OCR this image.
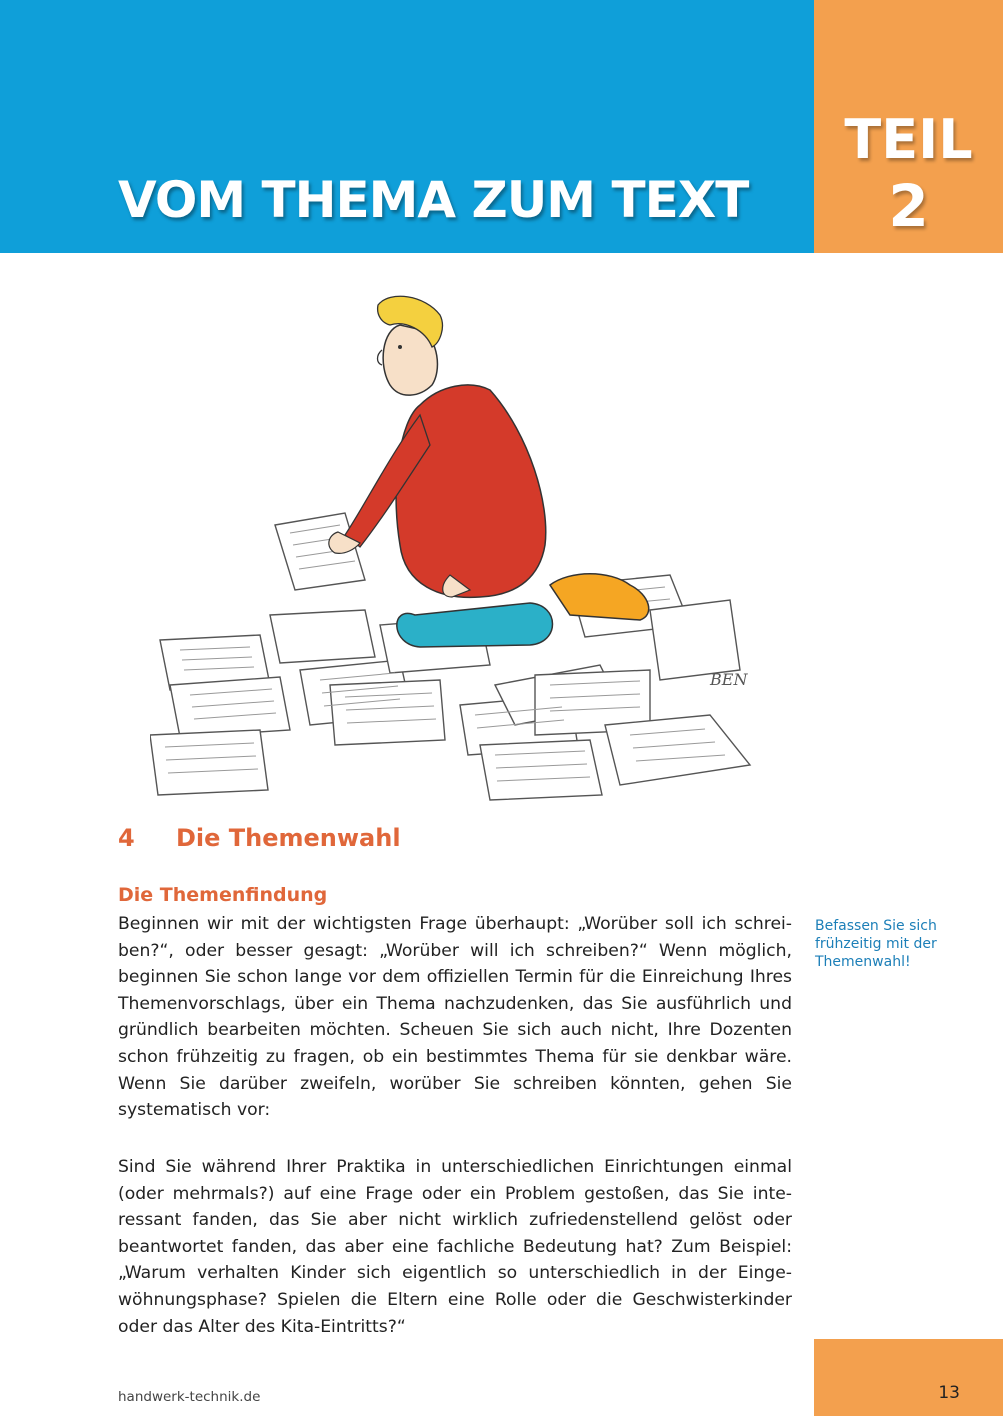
VOM THEMA ZUM TEXT
TEIL
2
BEN
4 Die Themenwahl
Die Themenfindung

Beginnen wir mit der wichtigsten Frage überhaupt: „Worüber soll ich schreiben?“, oder besser gesagt: „Worüber will ich schreiben?“ Wenn möglich, beginnen Sie schon lange vor dem offiziellen Termin für die Einreichung Ihres Themenvorschlags, über ein Thema nachzudenken, das Sie ausführlich und gründlich bearbeiten möchten. Scheuen Sie sich auch nicht, Ihre Dozenten schon frühzeitig zu fragen, ob ein bestimmtes Thema für sie denkbar wäre. Wenn Sie darüber zweifeln, worüber Sie schreiben könnten, gehen Sie systematisch vor:

Sind Sie während Ihrer Praktika in unterschiedlichen Einrichtungen einmal (oder mehrmals?) auf eine Frage oder ein Problem gestoßen, das Sie interessant fanden, das Sie aber nicht wirklich zufriedenstellend gelöst oder beantwortet fanden, das aber eine fachliche Bedeutung hat? Zum Beispiel: „Warum verhalten Kinder sich eigentlich so unterschiedlich in der Eingewöhnungsphase? Spielen die Eltern eine Rolle oder die Geschwisterkinder oder das Alter des Kita-Eintritts?“

Befassen Sie sich frühzeitig mit der Themenwahl!

handwerk-technik.de	13
